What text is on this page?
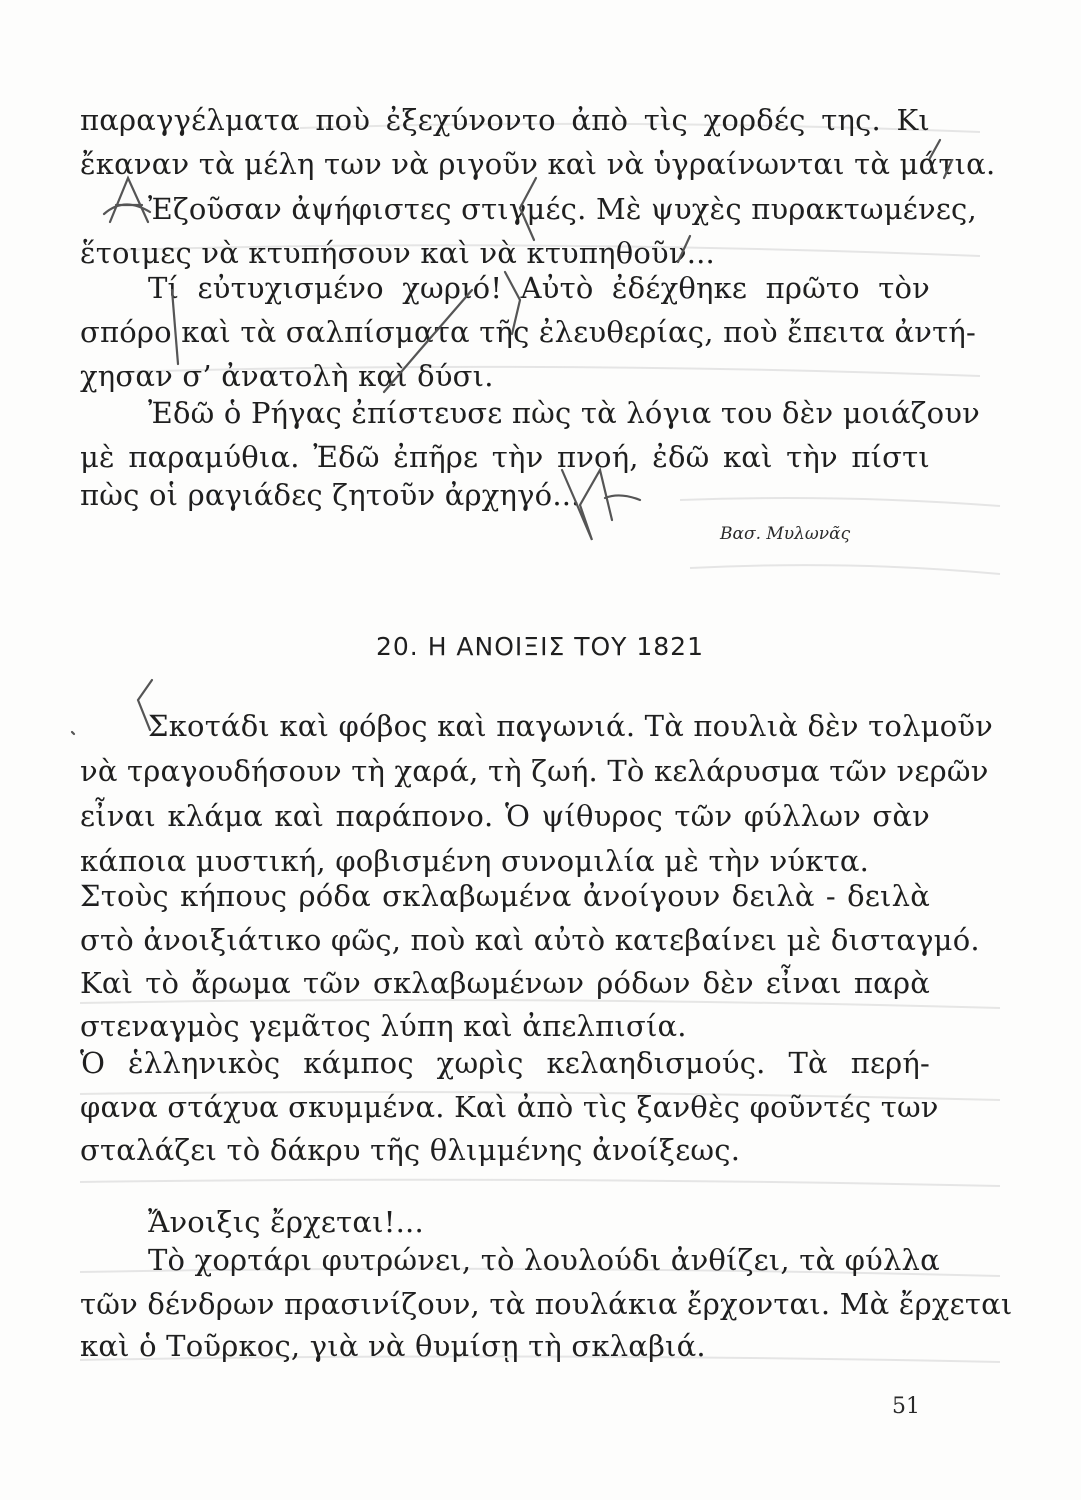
παραγγέλματα ποὺ ἐξεχύνοντο ἀπὸ τὶς χορδές της. Κι
ἔκαναν τὰ μέλη των νὰ ριγοῦν καὶ νὰ ὑγραίνωνται τὰ μάτια.
Ἐζοῦσαν ἀψήφιστες στιγμές. Μὲ ψυχὲς πυρακτωμένες,
ἕτοιμες νὰ κτυπήσουν καὶ νὰ κτυπηθοῦν...
Τί εὐτυχισμένο χωριό! Αὐτὸ ἐδέχθηκε πρῶτο τὸν
σπόρο καὶ τὰ σαλπίσματα τῆς ἐλευθερίας, ποὺ ἔπειτα ἀντή-
χησαν σ’ ἀνατολὴ καὶ δύσι.
Ἐδῶ ὁ Ρήγας ἐπίστευσε πὼς τὰ λόγια του δὲν μοιάζουν
μὲ παραμύθια. Ἐδῶ ἐπῆρε τὴν πνοή, ἐδῶ καὶ τὴν πίστι
πὼς οἱ ραγιάδες ζητοῦν ἀρχηγό...
Βασ. Μυλωνᾶς
20. Η ΑΝΟΙΞΙΣ ΤΟΥ 1821
Σκοτάδι καὶ φόβος καὶ παγωνιά. Τὰ πουλιὰ δὲν τολμοῦν
νὰ τραγουδήσουν τὴ χαρά, τὴ ζωή. Τὸ κελάρυσμα τῶν νερῶν
εἶναι κλάμα καὶ παράπονο. Ὁ ψίθυρος τῶν φύλλων σὰν
κάποια μυστική, φοβισμένη συνομιλία μὲ τὴν νύκτα.
Στοὺς κήπους ρόδα σκλαβωμένα ἀνοίγουν δειλὰ - δειλὰ
στὸ ἀνοιξιάτικο φῶς, ποὺ καὶ αὐτὸ κατεβαίνει μὲ δισταγμό.
Καὶ τὸ ἄρωμα τῶν σκλαβωμένων ρόδων δὲν εἶναι παρὰ
στεναγμὸς γεμᾶτος λύπη καὶ ἀπελπισία.
Ὁ ἑλληνικὸς κάμπος χωρὶς κελαηδισμούς. Τὰ περή-
φανα στάχυα σκυμμένα. Καὶ ἀπὸ τὶς ξανθὲς φοῦντές των
σταλάζει τὸ δάκρυ τῆς θλιμμένης ἀνοίξεως.
Ἄνοιξις ἔρχεται!...
Τὸ χορτάρι φυτρώνει, τὸ λουλούδι ἀνθίζει, τὰ φύλλα
τῶν δένδρων πρασινίζουν, τὰ πουλάκια ἔρχονται. Μὰ ἔρχεται
καὶ ὁ Τοῦρκος, γιὰ νὰ θυμίσῃ τὴ σκλαβιά.
51
